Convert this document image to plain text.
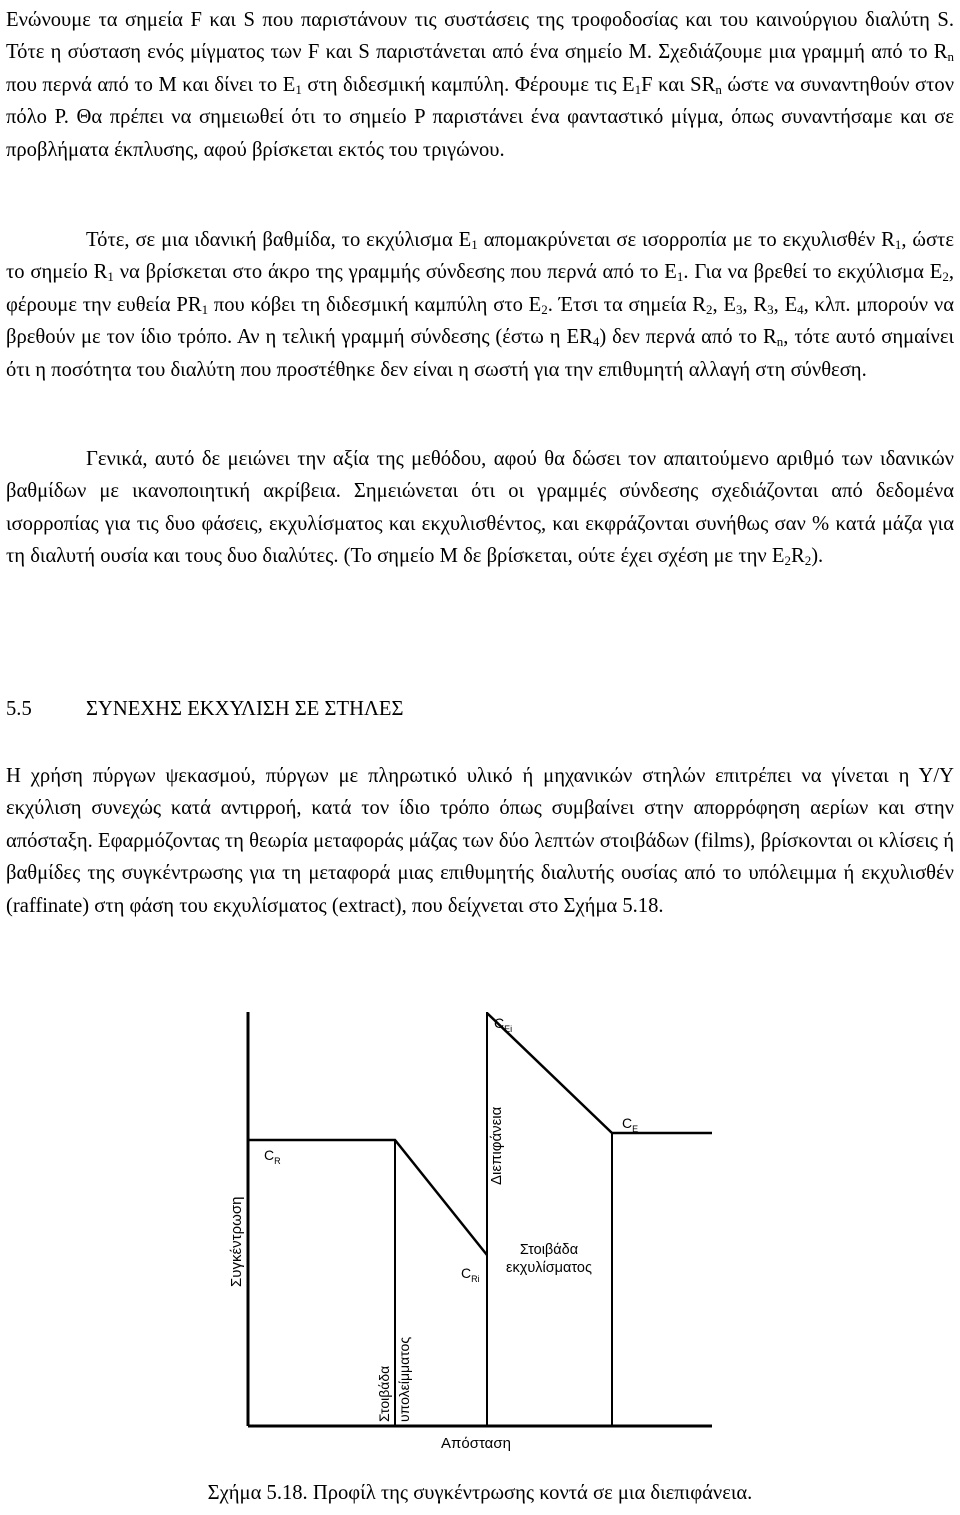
Ενώνουμε τα σημεία F και S που παριστάνουν τις συστάσεις της τροφοδοσίας και του καινούργιου διαλύτη S. Τότε η σύσταση ενός μίγματος των F και S παριστάνεται από ένα σημείο M. Σχεδιάζουμε μια γραμμή από το $R_n$ που περνά από το M και δίνει το $E_1$ στη διδεσμική καμπύλη. Φέρουμε τις $E_1F$ και $SR_n$ ώστε να συναντηθούν στον πόλο P. Θα πρέπει να σημειωθεί ότι το σημείο P παριστάνει ένα φανταστικό μίγμα, όπως συναντήσαμε και σε προβλήματα έκπλυσης, αφού βρίσκεται εκτός του τριγώνου.

Τότε, σε μια ιδανική βαθμίδα, το εκχύλισμα $E_1$ απομακρύνεται σε ισορροπία με το εκχυλισθέν $R_1$, ώστε το σημείο $R_1$ να βρίσκεται στο άκρο της γραμμής σύνδεσης που περνά από το $E_1$. Για να βρεθεί το εκχύλισμα $E_2$, φέρουμε την ευθεία $PR_1$ που κόβει τη διδεσμική καμπύλη στο $E_2$. Έτσι τα σημεία $R_2$, $E_3$, $R_3$, $E_4$, κλπ. μπορούν να βρεθούν με τον ίδιο τρόπο. Αν η τελική γραμμή σύνδεσης (έστω η $ER_4$) δεν περνά από το $R_n$, τότε αυτό σημαίνει ότι η ποσότητα του διαλύτη που προστέθηκε δεν είναι η σωστή για την επιθυμητή αλλαγή στη σύνθεση.

Γενικά, αυτό δε μειώνει την αξία της μεθόδου, αφού θα δώσει τον απαιτούμενο αριθμό των ιδανικών βαθμίδων με ικανοποιητική ακρίβεια. Σημειώνεται ότι οι γραμμές σύνδεσης σχεδιάζονται από δεδομένα ισορροπίας για τις δυο φάσεις, εκχυλίσματος και εκχυλισθέντος, και εκφράζονται συνήθως σαν % κατά μάζα για τη διαλυτή ουσία και τους δυο διαλύτες. (Το σημείο M δε βρίσκεται, ούτε έχει σχέση με την $E_2R_2$).

5.5	ΣΥΝΕΧΗΣ ΕΚΧΥΛΙΣΗ ΣΕ ΣΤΗΛΕΣ

Η χρήση πύργων ψεκασμού, πύργων με πληρωτικό υλικό ή μηχανικών στηλών επιτρέπει να γίνεται η Υ/Υ εκχύλιση συνεχώς κατά αντιρροή, κατά τον ίδιο τρόπο όπως συμβαίνει στην απορρόφηση αερίων και στην απόσταξη. Εφαρμόζοντας τη θεωρία μεταφοράς μάζας των δύο λεπτών στοιβάδων (films), βρίσκονται οι κλίσεις ή βαθμίδες της συγκέντρωσης για τη μεταφορά μιας επιθυμητής διαλυτής ουσίας από το υπόλειμμα ή εκχυλισθέν (raffinate) στη φάση του εκχυλίσματος (extract), που δείχνεται στο Σχήμα 5.18.

$C_R$
$C_{Ri}$
$C_{Ei}$
$C_E$
Συγκέντρωση
Διεπιφάνεια
Στοιβάδα υπολείμματος
Στοιβάδα
εκχυλίσματος
Απόσταση

Σχήμα 5.18. Προφίλ της συγκέντρωσης κοντά σε μια διεπιφάνεια.
